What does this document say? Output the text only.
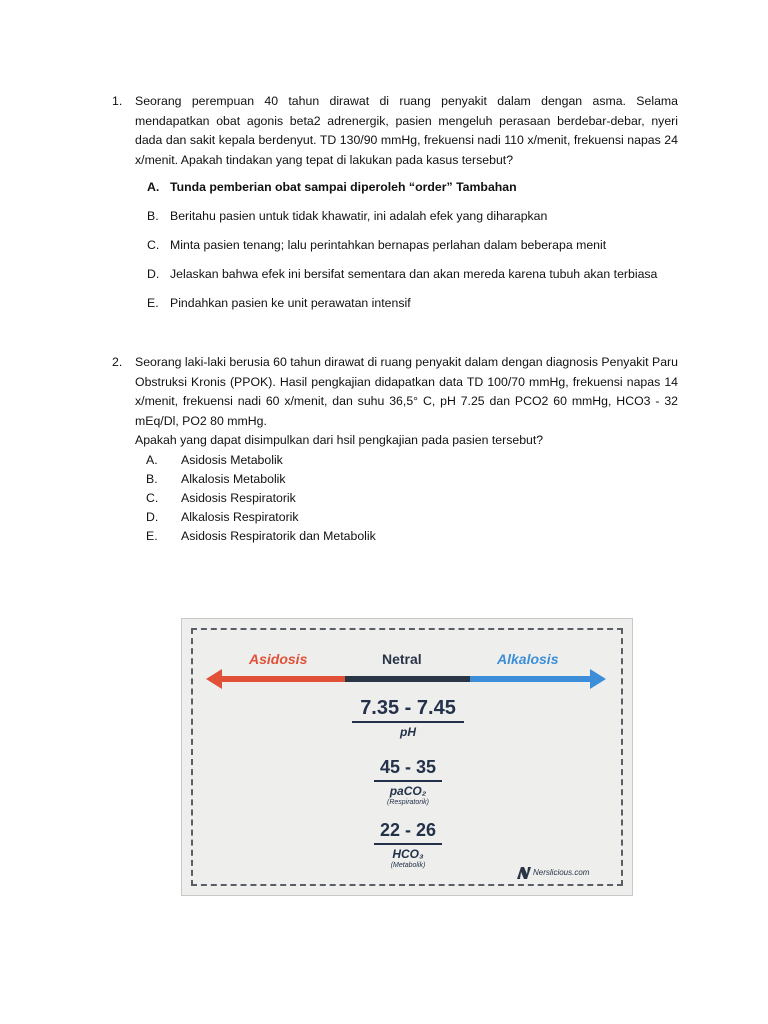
1. Seorang perempuan 40 tahun dirawat di ruang penyakit dalam dengan asma. Selama mendapatkan obat agonis beta2 adrenergik, pasien mengeluh perasaan berdebar-debar, nyeri dada dan sakit kepala berdenyut. TD 130/90 mmHg, frekuensi nadi 110 x/menit, frekuensi napas 24 x/menit. Apakah tindakan yang tepat di lakukan pada kasus tersebut?
A. Tunda pemberian obat sampai diperoleh “order” Tambahan
B. Beritahu pasien untuk tidak khawatir, ini adalah efek yang diharapkan
C. Minta pasien tenang; lalu perintahkan bernapas perlahan dalam beberapa menit
D. Jelaskan bahwa efek ini bersifat sementara dan akan mereda karena tubuh akan terbiasa
E. Pindahkan pasien ke unit perawatan intensif
2. Seorang laki-laki berusia 60 tahun dirawat di ruang penyakit dalam dengan diagnosis Penyakit Paru Obstruksi Kronis (PPOK). Hasil pengkajian didapatkan data TD 100/70 mmHg, frekuensi napas 14 x/menit, frekuensi nadi 60 x/menit, dan suhu 36,5° C, pH 7.25 dan PCO2 60 mmHg, HCO3 - 32 mEq/Dl, PO2 80 mmHg.
Apakah yang dapat disimpulkan dari hsil pengkajian pada pasien tersebut?
A. Asidosis Metabolik
B. Alkalosis Metabolik
C. Asidosis Respiratorik
D. Alkalosis Respiratorik
E. Asidosis Respiratorik dan Metabolik
Asidosis	Netral	Alkalosis
7.35 - 7.45
pH
45 - 35
paCO₂
(Respiratorik)
22 - 26
HCO₃
(Metabolik)
Nerslicious.com
